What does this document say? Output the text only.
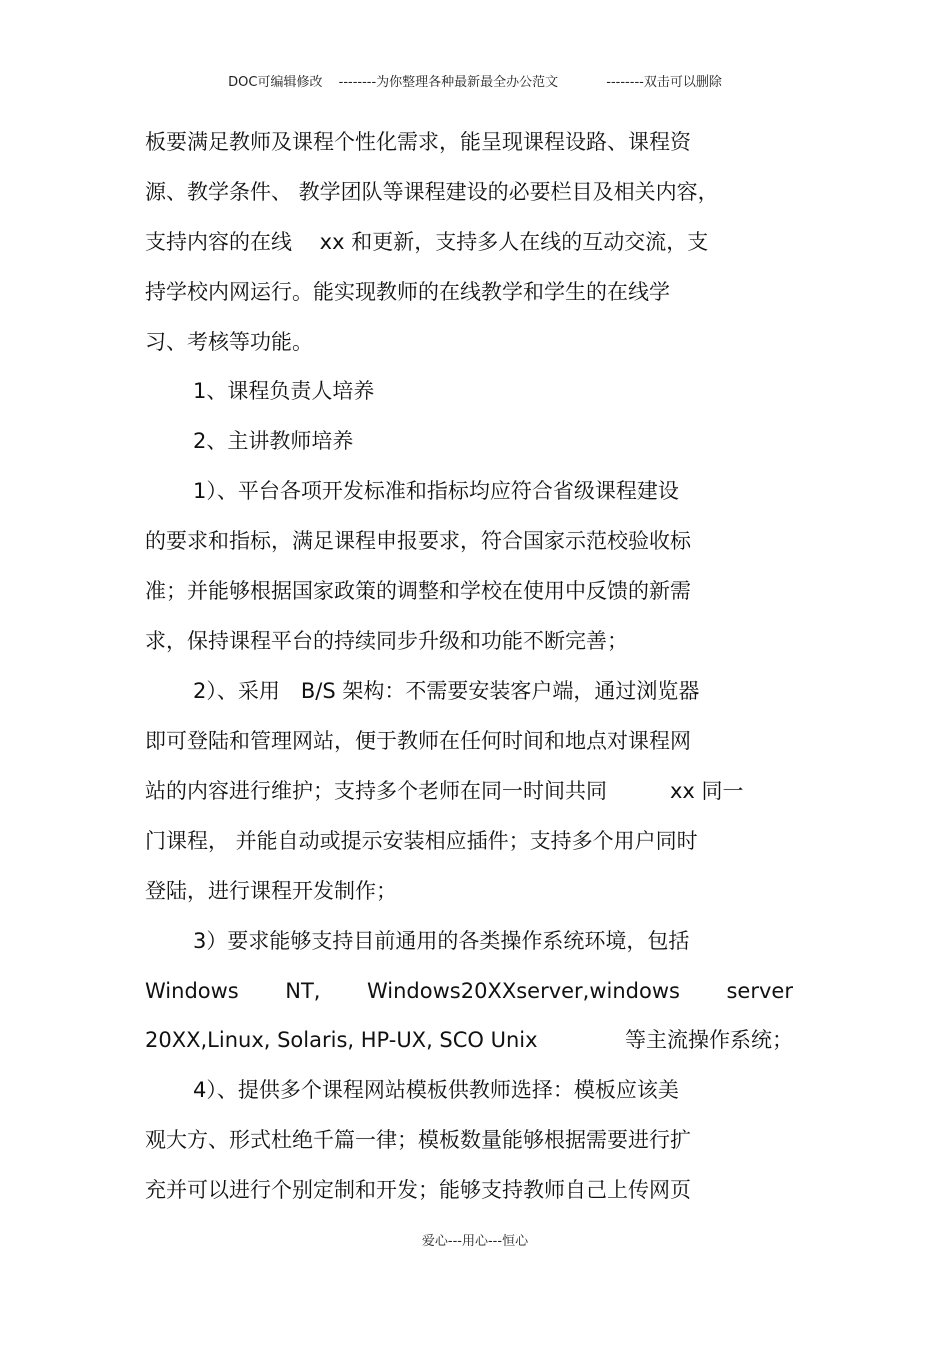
DOC可编辑修改 --------为你整理各种最新最全办公范文	--------双击可以删除
板要满足教师及课程个性化需求，能呈现课程设路、课程资
源、教学条件、 教学团队等课程建设的必要栏目及相关内容，
支持内容的在线　 xx 和更新，支持多人在线的互动交流，支
持学校内网运行。能实现教师的在线教学和学生的在线学
习、考核等功能。
1、课程负责人培养
2、主讲教师培养
1）、平台各项开发标准和指标均应符合省级课程建设
的要求和指标，满足课程申报要求，符合国家示范校验收标
准；并能够根据国家政策的调整和学校在使用中反馈的新需
求，保持课程平台的持续同步升级和功能不断完善；
2）、采用　B/S 架构：不需要安装客户端，通过浏览器
即可登陆和管理网站，便于教师在任何时间和地点对课程网
站的内容进行维护；支持多个老师在同一时间共同　　　xx 同一
门课程， 并能自动或提示安装相应插件；支持多个用户同时
登陆，进行课程开发制作；
3）要求能够支持目前通用的各类操作系统环境，包括
Windows NT, Windows20XXserver,windows server
20XX,Linux, Solaris, HP-UX, SCO Unix	等主流操作系统；
4）、提供多个课程网站模板供教师选择：模板应该美
观大方、形式杜绝千篇一律；模板数量能够根据需要进行扩
充并可以进行个别定制和开发；能够支持教师自己上传网页
爱心---用心---恒心
